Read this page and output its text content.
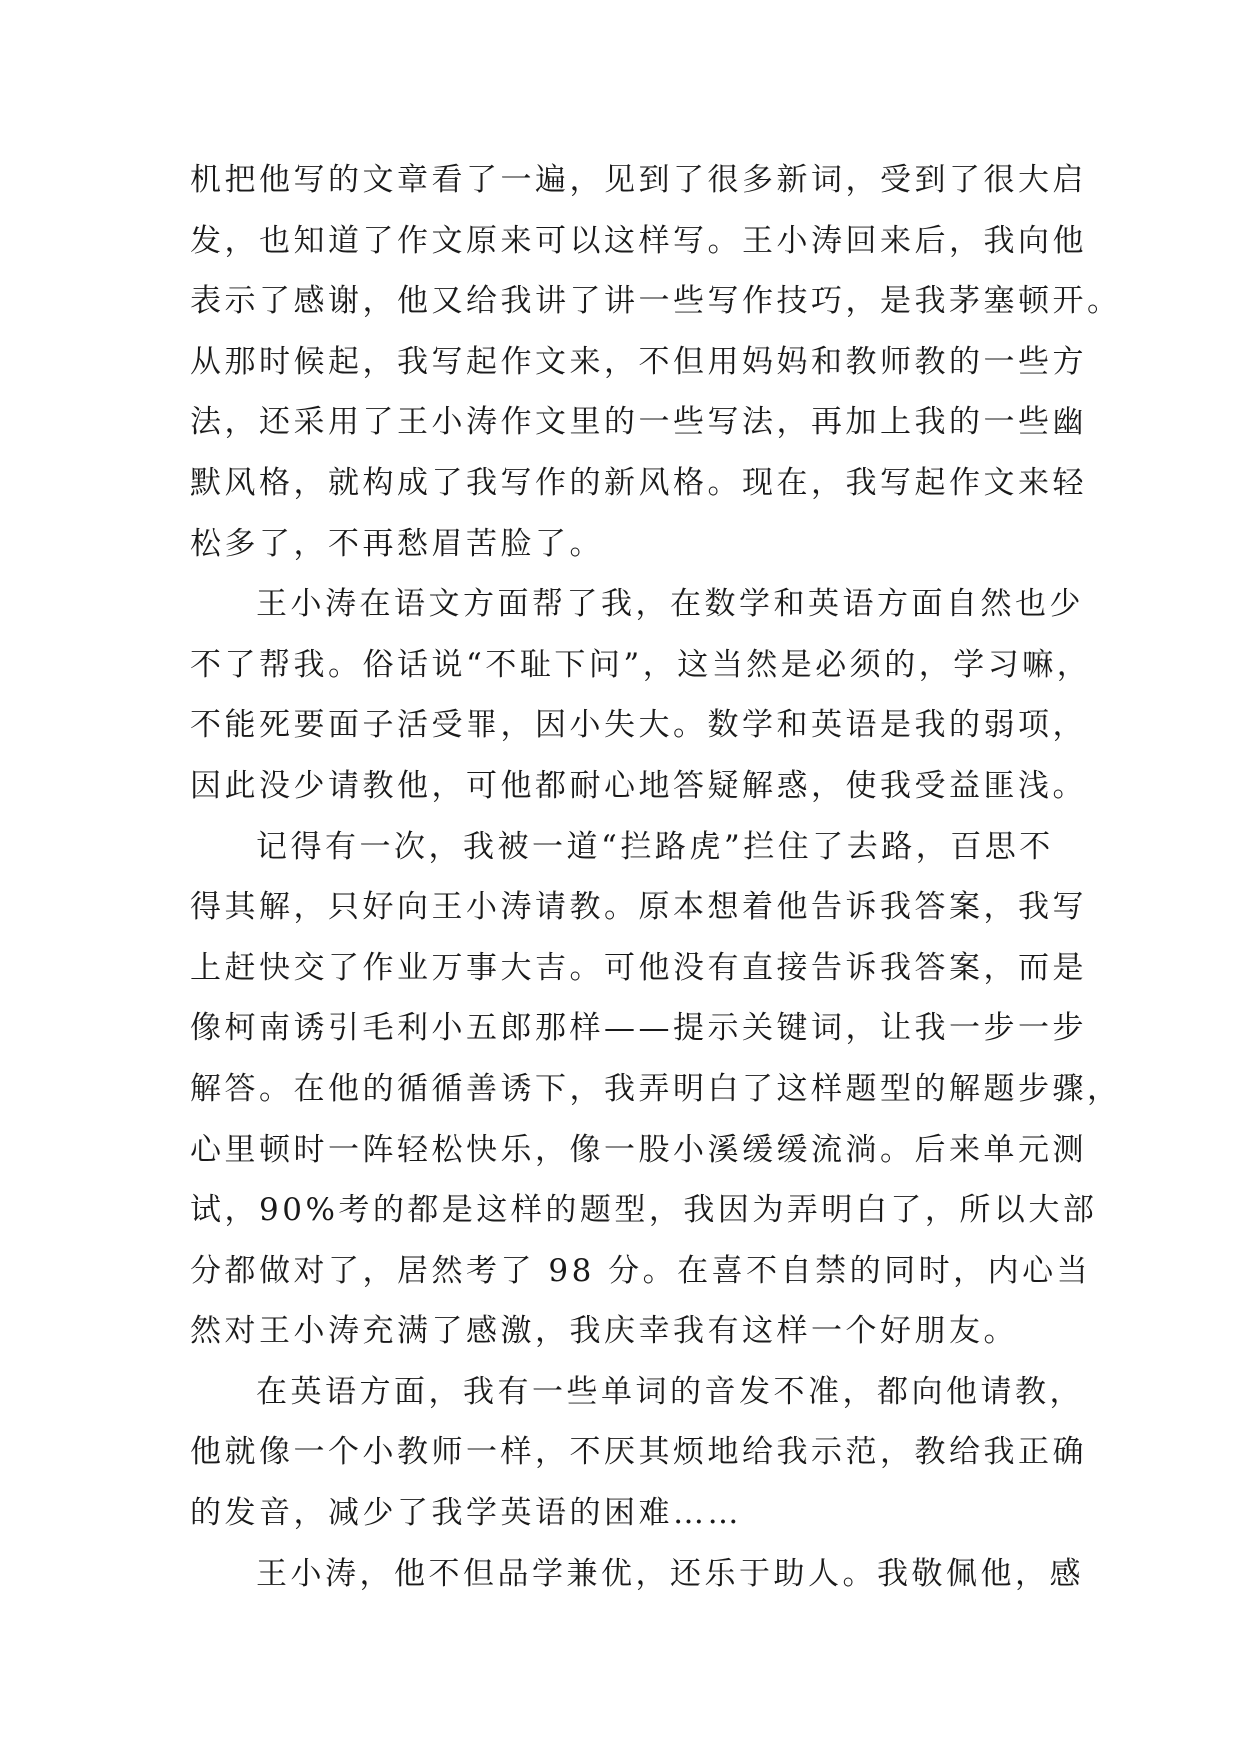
机把他写的文章看了一遍，见到了很多新词，受到了很大启
发，也知道了作文原来可以这样写。王小涛回来后，我向他
表示了感谢，他又给我讲了讲一些写作技巧，是我茅塞顿开。
从那时候起，我写起作文来，不但用妈妈和教师教的一些方
法，还采用了王小涛作文里的一些写法，再加上我的一些幽
默风格，就构成了我写作的新风格。现在，我写起作文来轻
松多了，不再愁眉苦脸了。
王小涛在语文方面帮了我，在数学和英语方面自然也少
不了帮我。俗话说“不耻下问”，这当然是必须的，学习嘛，
不能死要面子活受罪，因小失大。数学和英语是我的弱项，
因此没少请教他，可他都耐心地答疑解惑，使我受益匪浅。
记得有一次，我被一道“拦路虎”拦住了去路，百思不
得其解，只好向王小涛请教。原本想着他告诉我答案，我写
上赶快交了作业万事大吉。可他没有直接告诉我答案，而是
像柯南诱引毛利小五郎那样——提示关键词，让我一步一步
解答。在他的循循善诱下，我弄明白了这样题型的解题步骤，
心里顿时一阵轻松快乐，像一股小溪缓缓流淌。后来单元测
试，90%考的都是这样的题型，我因为弄明白了，所以大部
分都做对了，居然考了 98 分。在喜不自禁的同时，内心当
然对王小涛充满了感激，我庆幸我有这样一个好朋友。
在英语方面，我有一些单词的音发不准，都向他请教，
他就像一个小教师一样，不厌其烦地给我示范，教给我正确
的发音，减少了我学英语的困难……
王小涛，他不但品学兼优，还乐于助人。我敬佩他，感
